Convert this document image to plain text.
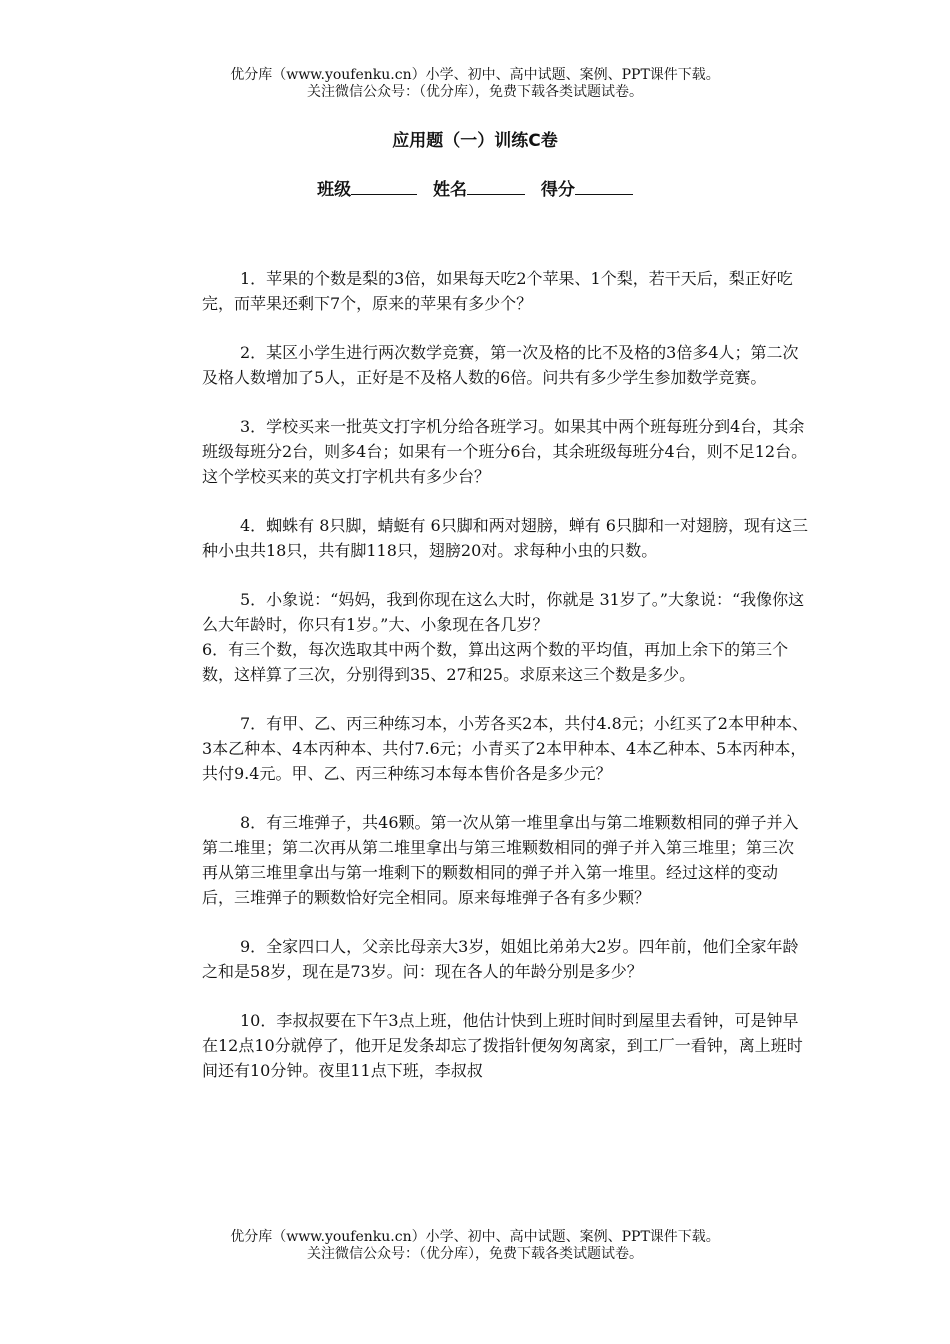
优分库（www.youfenku.cn）小学、初中、高中试题、案例、PPT课件下载。
关注微信公众号：（优分库），免费下载各类试题试卷。
应用题（一）训练C卷
班级	姓名	得分

1．苹果的个数是梨的3倍，如果每天吃2个苹果、1个梨，若干天后，梨正好吃完，而苹果还剩下7个，原来的苹果有多少个？

2．某区小学生进行两次数学竞赛，第一次及格的比不及格的3倍多4人；第二次及格人数增加了5人，正好是不及格人数的6倍。问共有多少学生参加数学竞赛。

3．学校买来一批英文打字机分给各班学习。如果其中两个班每班分到4台，其余班级每班分2台，则多4台；如果有一个班分6台，其余班级每班分4台，则不足12台。这个学校买来的英文打字机共有多少台？

4．蜘蛛有 8只脚，蜻蜓有 6只脚和两对翅膀，蝉有 6只脚和一对翅膀，现有这三种小虫共18只，共有脚118只，翅膀20对。求每种小虫的只数。

5．小象说：“妈妈，我到你现在这么大时，你就是 31岁了。”大象说：“我像你这么大年龄时，你只有1岁。”大、小象现在各几岁？

6．有三个数，每次选取其中两个数，算出这两个数的平均值，再加上余下的第三个数，这样算了三次，分别得到35、27和25。求原来这三个数是多少。

7．有甲、乙、丙三种练习本，小芳各买2本，共付4.8元；小红买了2本甲种本、3本乙种本、4本丙种本、共付7.6元；小青买了2本甲种本、4本乙种本、5本丙种本，共付9.4元。甲、乙、丙三种练习本每本售价各是多少元？

8．有三堆弹子，共46颗。第一次从第一堆里拿出与第二堆颗数相同的弹子并入第二堆里；第二次再从第二堆里拿出与第三堆颗数相同的弹子并入第三堆里；第三次再从第三堆里拿出与第一堆剩下的颗数相同的弹子并入第一堆里。经过这样的变动后，三堆弹子的颗数恰好完全相同。原来每堆弹子各有多少颗？

9．全家四口人，父亲比母亲大3岁，姐姐比弟弟大2岁。四年前，他们全家年龄之和是58岁，现在是73岁。问：现在各人的年龄分别是多少？

10．李叔叔要在下午3点上班，他估计快到上班时间时到屋里去看钟，可是钟早在12点10分就停了，他开足发条却忘了拨指针便匆匆离家，到工厂一看钟，离上班时间还有10分钟。夜里11点下班，李叔叔

优分库（www.youfenku.cn）小学、初中、高中试题、案例、PPT课件下载。
关注微信公众号：（优分库），免费下载各类试题试卷。
